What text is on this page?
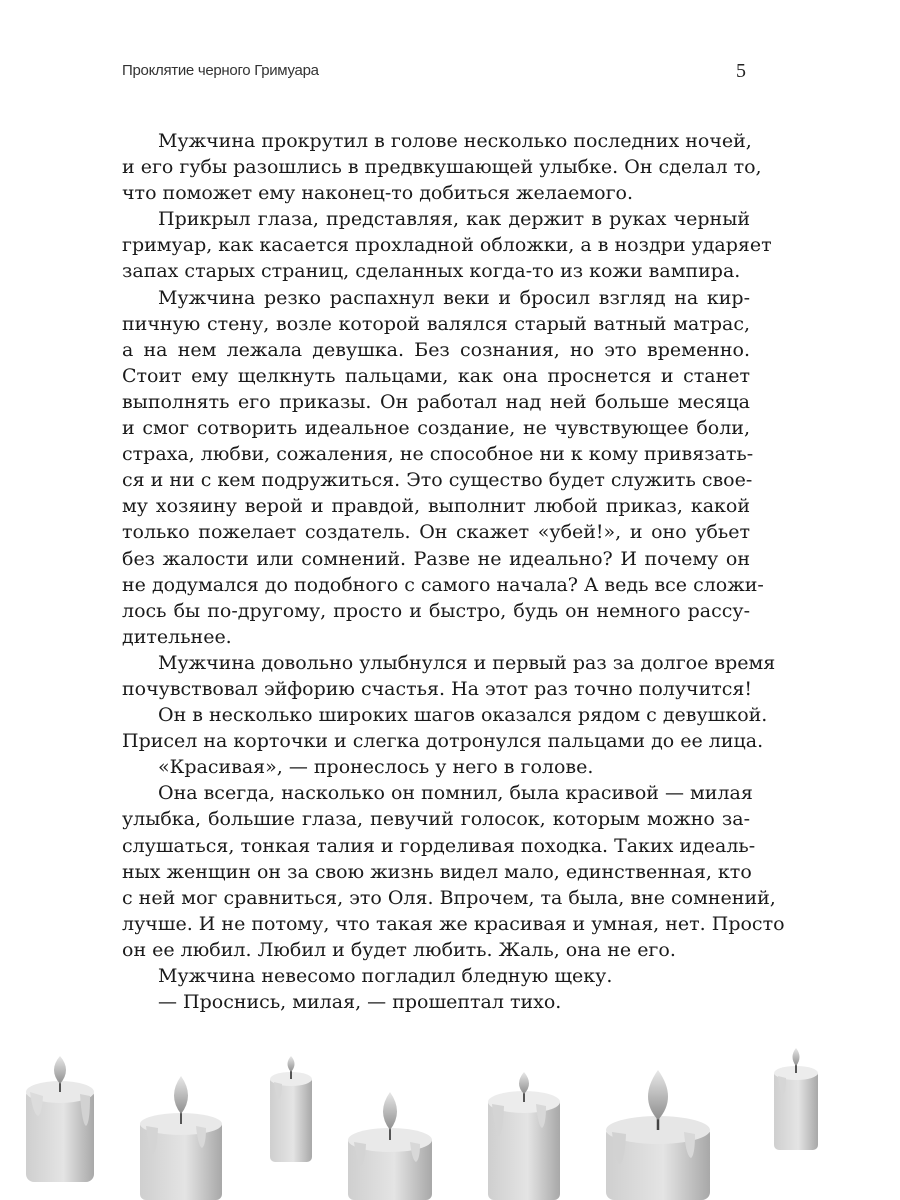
Проклятие черного Гримуара	5
Мужчина прокрутил в голове несколько последних ночей,
и его губы разошлись в предвкушающей улыбке. Он сделал то,
что поможет ему наконец-то добиться желаемого.
Прикрыл глаза, представляя, как держит в руках черный
гримуар, как касается прохладной обложки, а в ноздри ударяет
запах старых страниц, сделанных когда-то из кожи вампира.
Мужчина резко распахнул веки и бросил взгляд на кир-
пичную стену, возле которой валялся старый ватный матрас,
а на нем лежала девушка. Без сознания, но это временно.
Стоит ему щелкнуть пальцами, как она проснется и станет
выполнять его приказы. Он работал над ней больше месяца
и смог сотворить идеальное создание, не чувствующее боли,
страха, любви, сожаления, не способное ни к кому привязать-
ся и ни с кем подружиться. Это существо будет служить свое-
му хозяину верой и правдой, выполнит любой приказ, какой
только пожелает создатель. Он скажет «убей!», и оно убьет
без жалости или сомнений. Разве не идеально? И почему он
не додумался до подобного с самого начала? А ведь все сложи-
лось бы по-другому, просто и быстро, будь он немного рассу-
дительнее.
Мужчина довольно улыбнулся и первый раз за долгое время
почувствовал эйфорию счастья. На этот раз точно получится!
Он в несколько широких шагов оказался рядом с девушкой.
Присел на корточки и слегка дотронулся пальцами до ее лица.
«Красивая», — пронеслось у него в голове.
Она всегда, насколько он помнил, была красивой — милая
улыбка, большие глаза, певучий голосок, которым можно за-
слушаться, тонкая талия и горделивая походка. Таких идеаль-
ных женщин он за свою жизнь видел мало, единственная, кто
с ней мог сравниться, это Оля. Впрочем, та была, вне сомнений,
лучше. И не потому, что такая же красивая и умная, нет. Просто
он ее любил. Любил и будет любить. Жаль, она не его.
Мужчина невесомо погладил бледную щеку.
— Проснись, милая, — прошептал тихо.
